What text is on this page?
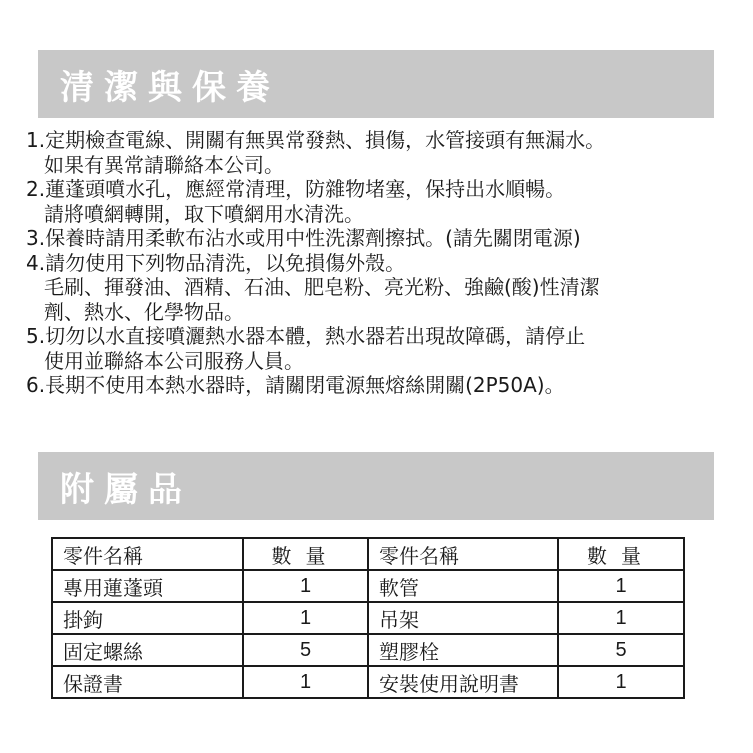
清潔與保養
1.定期檢查電線、開關有無異常發熱、損傷，水管接頭有無漏水。
如果有異常請聯絡本公司。
2.蓮蓬頭噴水孔，應經常清理，防雜物堵塞，保持出水順暢。
請將噴網轉開，取下噴網用水清洗。
3.保養時請用柔軟布沾水或用中性洗潔劑擦拭。(請先關閉電源)
4.請勿使用下列物品清洗，以免損傷外殼。
毛刷、揮發油、酒精、石油、肥皂粉、亮光粉、強鹼(酸)性清潔
劑、熱水、化學物品。
5.切勿以水直接噴灑熱水器本體，熱水器若出現故障碼，請停止
使用並聯絡本公司服務人員。
6.長期不使用本熱水器時，請關閉電源無熔絲開關(2P50A)。
附屬品
零件名稱	數量	零件名稱	數量
專用蓮蓬頭	1	軟管	1
掛鉤	1	吊架	1
固定螺絲	5	塑膠栓	5
保證書	1	安裝使用說明書	1
